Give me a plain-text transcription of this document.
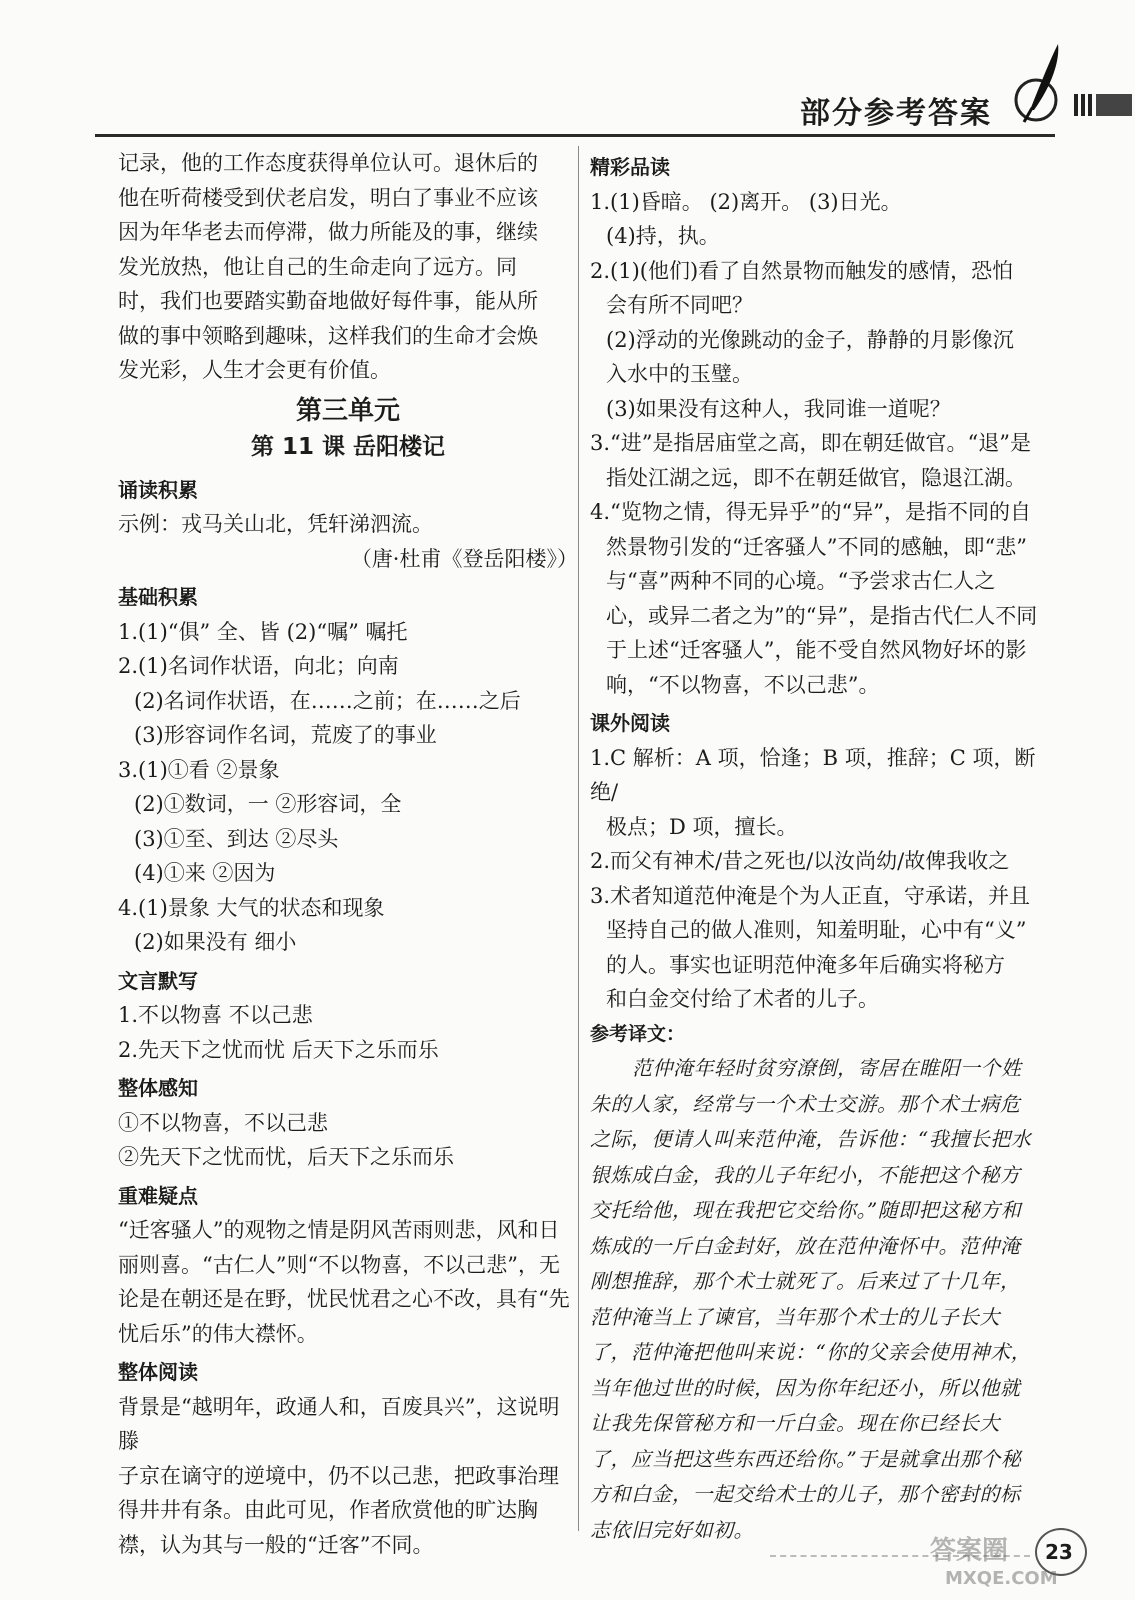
部分参考答案

记录，他的工作态度获得单位认可。退休后的

他在听荷楼受到伏老启发，明白了事业不应该

因为年华老去而停滞，做力所能及的事，继续

发光放热，他让自己的生命走向了远方。同

时，我们也要踏实勤奋地做好每件事，能从所

做的事中领略到趣味，这样我们的生命才会焕

发光彩，人生才会更有价值。

第三单元

第 11 课 岳阳楼记

诵读积累

示例：戎马关山北，凭轩涕泗流。

（唐·杜甫《登岳阳楼》）

基础积累

1.(1)“俱” 全、皆 (2)“嘱” 嘱托

2.(1)名词作状语，向北；向南

(2)名词作状语，在……之前；在……之后

(3)形容词作名词，荒废了的事业

3.(1)①看 ②景象

(2)①数词，一 ②形容词，全

(3)①至、到达 ②尽头

(4)①来 ②因为

4.(1)景象 大气的状态和现象

(2)如果没有 细小

文言默写

1.不以物喜 不以己悲

2.先天下之忧而忧 后天下之乐而乐

整体感知

①不以物喜，不以己悲

②先天下之忧而忧，后天下之乐而乐

重难疑点

“迁客骚人”的观物之情是阴风苦雨则悲，风和日

丽则喜。“古仁人”则“不以物喜，不以己悲”，无

论是在朝还是在野，忧民忧君之心不改，具有“先

忧后乐”的伟大襟怀。

整体阅读

背景是“越明年，政通人和，百废具兴”，这说明滕

子京在谪守的逆境中，仍不以己悲，把政事治理

得井井有条。由此可见，作者欣赏他的旷达胸

襟，认为其与一般的“迁客”不同。

精彩品读

1.(1)昏暗。 (2)离开。 (3)日光。

(4)持，执。

2.(1)(他们)看了自然景物而触发的感情，恐怕

会有所不同吧？

(2)浮动的光像跳动的金子，静静的月影像沉

入水中的玉璧。

(3)如果没有这种人，我同谁一道呢？

3.“进”是指居庙堂之高，即在朝廷做官。“退”是

指处江湖之远，即不在朝廷做官，隐退江湖。

4.“览物之情，得无异乎”的“异”，是指不同的自

然景物引发的“迁客骚人”不同的感触，即“悲”

与“喜”两种不同的心境。“予尝求古仁人之

心，或异二者之为”的“异”，是指古代仁人不同

于上述“迁客骚人”，能不受自然风物好坏的影

响，“不以物喜，不以己悲”。

课外阅读

1.C 解析：A 项，恰逢；B 项，推辞；C 项，断绝/

极点；D 项，擅长。

2.而父有神术/昔之死也/以汝尚幼/故俾我收之

3.术者知道范仲淹是个为人正直，守承诺，并且

坚持自己的做人准则，知羞明耻，心中有“义”

的人。事实也证明范仲淹多年后确实将秘方

和白金交付给了术者的儿子。

参考译文：

范仲淹年轻时贫穷潦倒，寄居在睢阳一个姓

朱的人家，经常与一个术士交游。那个术士病危

之际，便请人叫来范仲淹，告诉他：“我擅长把水

银炼成白金，我的儿子年纪小，不能把这个秘方

交托给他，现在我把它交给你。”随即把这秘方和

炼成的一斤白金封好，放在范仲淹怀中。范仲淹

刚想推辞，那个术士就死了。后来过了十几年，

范仲淹当上了谏官，当年那个术士的儿子长大

了，范仲淹把他叫来说：“你的父亲会使用神术，

当年他过世的时候，因为你年纪还小，所以他就

让我先保管秘方和一斤白金。现在你已经长大

了，应当把这些东西还给你。”于是就拿出那个秘

方和白金，一起交给术士的儿子，那个密封的标

志依旧完好如初。

23
答案圈
MXQE.COM
